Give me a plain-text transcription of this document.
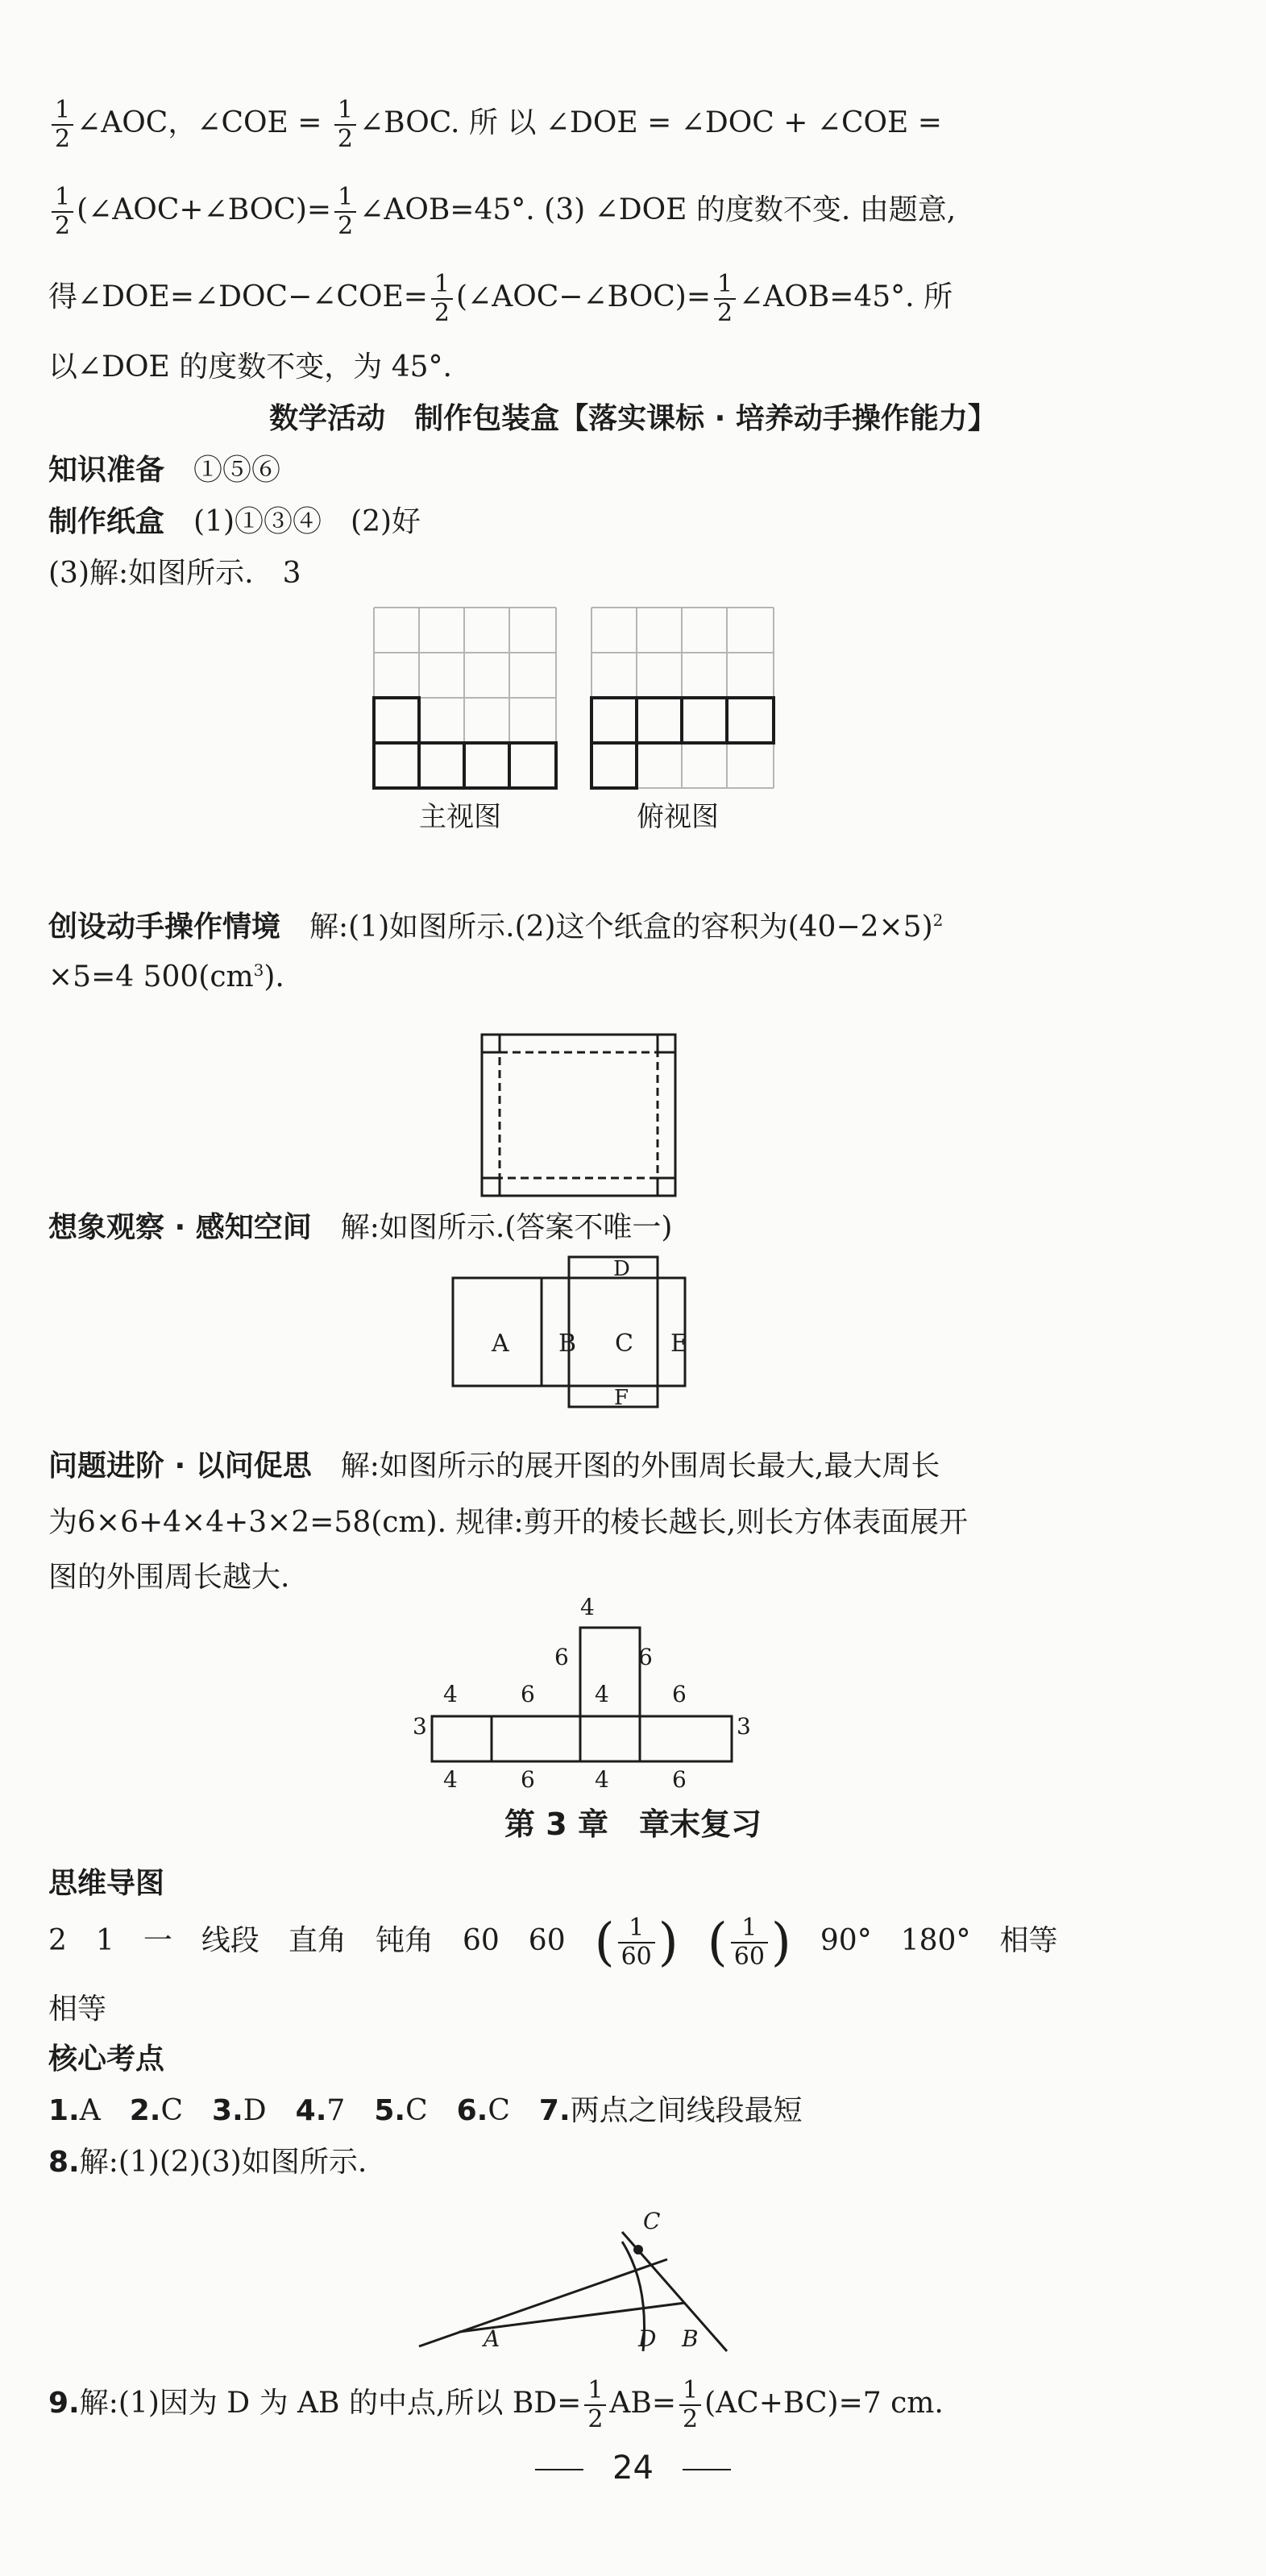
$\frac{1}{2}$ ∠AOC，∠COE = $\frac{1}{2}$ ∠BOC. 所 以 ∠DOE = ∠DOC + ∠COE =
$\frac{1}{2}$ (∠AOC+∠BOC)= $\frac{1}{2}$ ∠AOB=45°. (3) ∠DOE 的度数不变. 由题意,
得∠DOE=∠DOC−∠COE= $\frac{1}{2}$ (∠AOC−∠BOC)= $\frac{1}{2}$ ∠AOB=45°. 所
以∠DOE 的度数不变，为 45°.
数学活动　制作包装盒【落实课标 · 培养动手操作能力】
知识准备　 ①⑤⑥
制作纸盒　 (1)①③④　(2)好
(3)解:如图所示.　3
主视图	俯视图
创设动手操作情境　 解:(1)如图所示.(2)这个纸盒的容积为$(40-2\times 5)^2$
×5=4 $500(cm^3)$.
想象观察 · 感知空间　 解:如图所示.(答案不唯一)
A B C
D
E
F
问题进阶 · 以问促思　 解:如图所示的展开图的外围周长最大,最大周长
为6×6+4×4+3×2=58(cm). 规律:剪开的棱长越长,则长方体表面展开
图的外围周长越大.
4
6	6
4	6	4	6
3	3
4	6	4	6
第 3 章　章末复习
思维导图
2　 1　 一　 线段　 直角　 钝角　 60　 60　 ( $\frac{1}{60}$ )　 ( $\frac{1}{60}$ )　 90°　 180°　 相等
相等
核心考点
1.A　 2.C　 3.D　 4.7　 5.C　 6.C　 7.两点之间线段最短
8.解:(1)(2)(3)如图所示.
C
A	D B
9.解:(1)因为 D 为 AB 的中点,所以 $BD= \frac{1}{2} AB= \frac{1}{2} (AC+BC)=7$ cm.
24
